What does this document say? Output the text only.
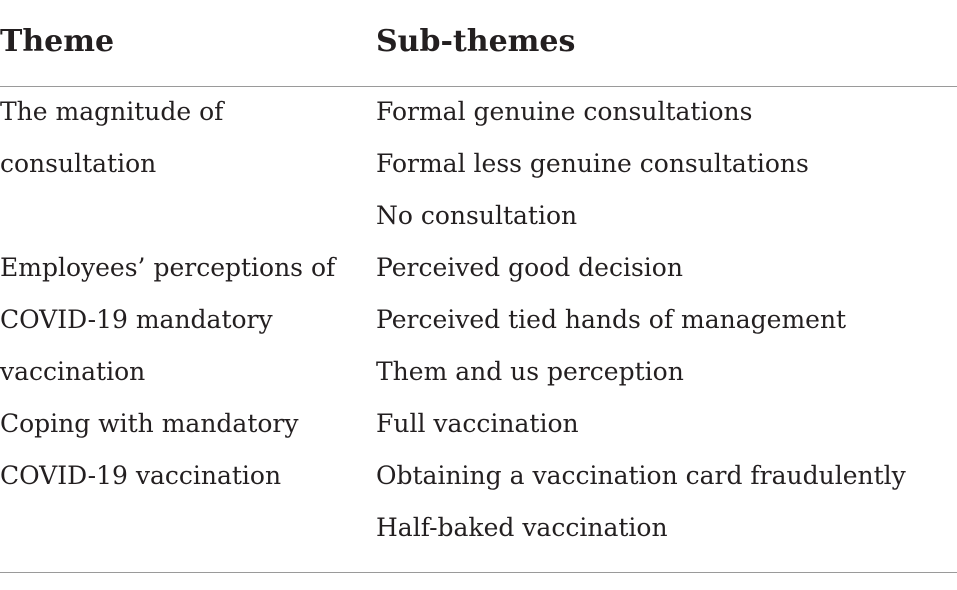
Theme	Sub-themes
The magnitude of
consultation
Formal genuine consultations
Formal less genuine consultations
No consultation
Employees’ perceptions of
COVID-19 mandatory
vaccination
Perceived good decision
Perceived tied hands of management
Them and us perception
Coping with mandatory
COVID-19 vaccination
Full vaccination
Obtaining a vaccination card fraudulently
Half-baked vaccination
